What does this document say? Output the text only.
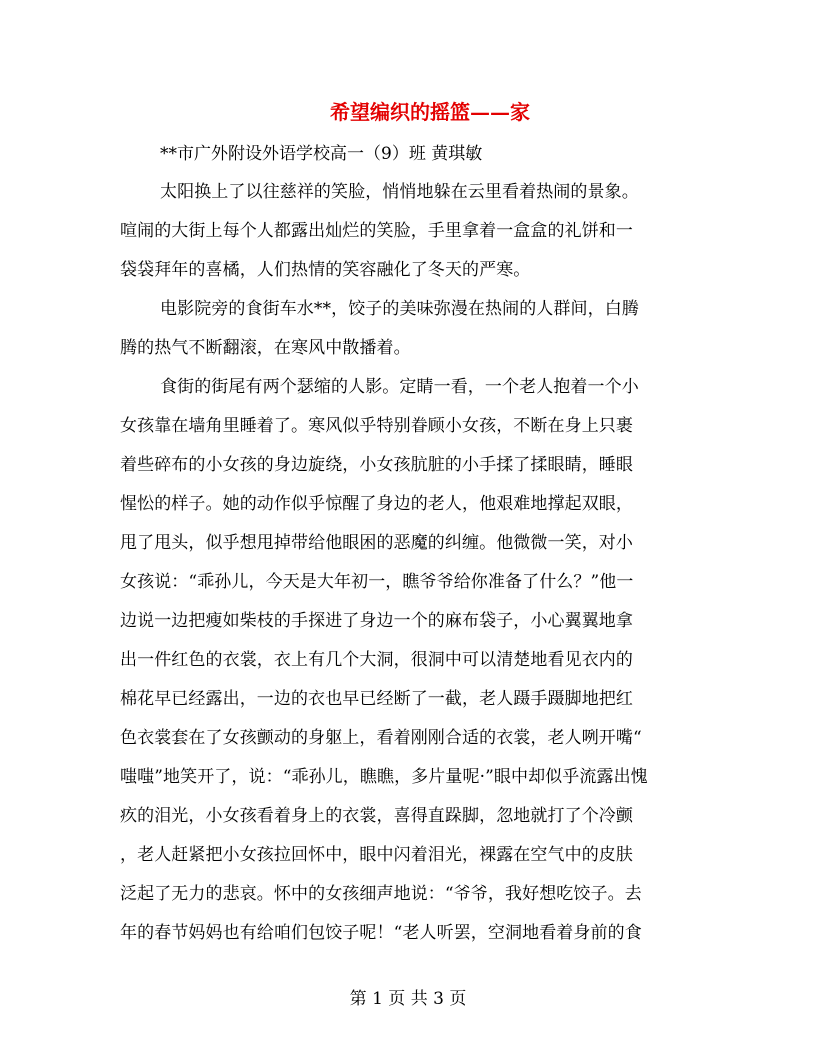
希望编织的摇篮——家
**市广外附设外语学校高一（9）班 黄琪敏
太阳换上了以往慈祥的笑脸，悄悄地躲在云里看着热闹的景象。
喧闹的大街上每个人都露出灿烂的笑脸，手里拿着一盒盒的礼饼和一
袋袋拜年的喜橘，人们热情的笑容融化了冬天的严寒。
电影院旁的食街车水**，饺子的美味弥漫在热闹的人群间，白腾
腾的热气不断翻滚，在寒风中散播着。
食街的街尾有两个瑟缩的人影。定睛一看，一个老人抱着一个小
女孩靠在墙角里睡着了。寒风似乎特别眷顾小女孩，不断在身上只裹
着些碎布的小女孩的身边旋绕，小女孩肮脏的小手揉了揉眼睛，睡眼
惺忪的样子。她的动作似乎惊醒了身边的老人，他艰难地撑起双眼，
甩了甩头，似乎想甩掉带给他眼困的恶魔的纠缠。他微微一笑，对小
女孩说：“乖孙儿，今天是大年初一，瞧爷爷给你准备了什么？”他一
边说一边把瘦如柴枝的手探进了身边一个的麻布袋子，小心翼翼地拿
出一件红色的衣裳，衣上有几个大洞，很洞中可以清楚地看见衣内的
棉花早已经露出，一边的衣也早已经断了一截，老人蹑手蹑脚地把红
色衣裳套在了女孩颤动的身躯上，看着刚刚合适的衣裳，老人咧开嘴“
嗤嗤”地笑开了，说：“乖孙儿，瞧瞧，多片量呢·”眼中却似乎流露出愧
疚的泪光，小女孩看着身上的衣裳，喜得直跺脚，忽地就打了个冷颤
，老人赶紧把小女孩拉回怀中，眼中闪着泪光，裸露在空气中的皮肤
泛起了无力的悲哀。怀中的女孩细声地说：“爷爷，我好想吃饺子。去
年的春节妈妈也有给咱们包饺子呢！“老人听罢，空洞地看着身前的食
第 1 页 共 3 页
